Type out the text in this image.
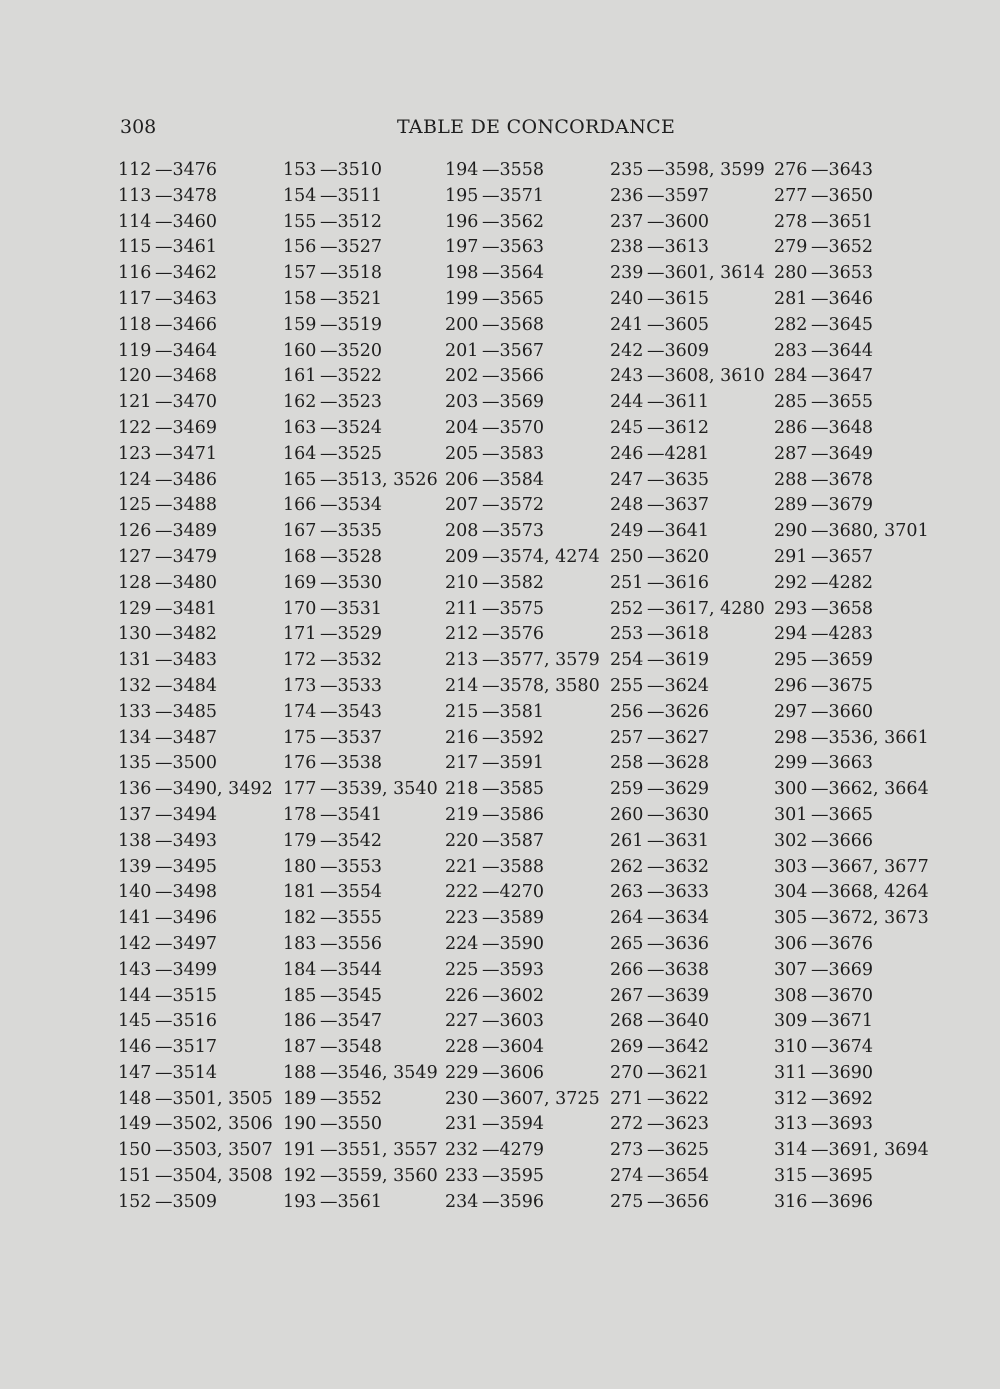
308	TABLE DE CONCORDANCE
112 —3476
113 —3478
114 —3460
115 —3461
116 —3462
117 —3463
118 —3466
119 —3464
120 —3468
121 —3470
122 —3469
123 —3471
124 —3486
125 —3488
126 —3489
127 —3479
128 —3480
129 —3481
130 —3482
131 —3483
132 —3484
133 —3485
134 —3487
135 —3500
136 —3490, 3492
137 —3494
138 —3493
139 —3495
140 —3498
141 —3496
142 —3497
143 —3499
144 —3515
145 —3516
146 —3517
147 —3514
148 —3501, 3505
149 —3502, 3506
150 —3503, 3507
151 —3504, 3508
152 —3509
153 —3510
154 —3511
155 —3512
156 —3527
157 —3518
158 —3521
159 —3519
160 —3520
161 —3522
162 —3523
163 —3524
164 —3525
165 —3513, 3526
166 —3534
167 —3535
168 —3528
169 —3530
170 —3531
171 —3529
172 —3532
173 —3533
174 —3543
175 —3537
176 —3538
177 —3539, 3540
178 —3541
179 —3542
180 —3553
181 —3554
182 —3555
183 —3556
184 —3544
185 —3545
186 —3547
187 —3548
188 —3546, 3549
189 —3552
190 —3550
191 —3551, 3557
192 —3559, 3560
193 —3561
194 —3558
195 —3571
196 —3562
197 —3563
198 —3564
199 —3565
200 —3568
201 —3567
202 —3566
203 —3569
204 —3570
205 —3583
206 —3584
207 —3572
208 —3573
209 —3574, 4274
210 —3582
211 —3575
212 —3576
213 —3577, 3579
214 —3578, 3580
215 —3581
216 —3592
217 —3591
218 —3585
219 —3586
220 —3587
221 —3588
222 —4270
223 —3589
224 —3590
225 —3593
226 —3602
227 —3603
228 —3604
229 —3606
230 —3607, 3725
231 —3594
232 —4279
233 —3595
234 —3596
235 —3598, 3599
236 —3597
237 —3600
238 —3613
239 —3601, 3614
240 —3615
241 —3605
242 —3609
243 —3608, 3610
244 —3611
245 —3612
246 —4281
247 —3635
248 —3637
249 —3641
250 —3620
251 —3616
252 —3617, 4280
253 —3618
254 —3619
255 —3624
256 —3626
257 —3627
258 —3628
259 —3629
260 —3630
261 —3631
262 —3632
263 —3633
264 —3634
265 —3636
266 —3638
267 —3639
268 —3640
269 —3642
270 —3621
271 —3622
272 —3623
273 —3625
274 —3654
275 —3656
276 —3643
277 —3650
278 —3651
279 —3652
280 —3653
281 —3646
282 —3645
283 —3644
284 —3647
285 —3655
286 —3648
287 —3649
288 —3678
289 —3679
290 —3680, 3701
291 —3657
292 —4282
293 —3658
294 —4283
295 —3659
296 —3675
297 —3660
298 —3536, 3661
299 —3663
300 —3662, 3664
301 —3665
302 —3666
303 —3667, 3677
304 —3668, 4264
305 —3672, 3673
306 —3676
307 —3669
308 —3670
309 —3671
310 —3674
311 —3690
312 —3692
313 —3693
314 —3691, 3694
315 —3695
316 —3696
